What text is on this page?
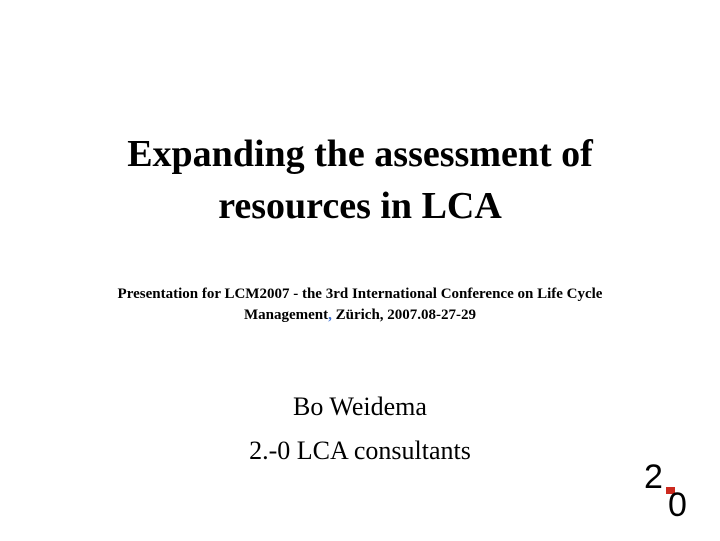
Expanding the assessment of
resources in LCA

Presentation for LCM2007 - the 3rd International Conference on Life Cycle
Management, Zürich, 2007.08-27-29

Bo Weidema
2.-0 LCA consultants
2
0
